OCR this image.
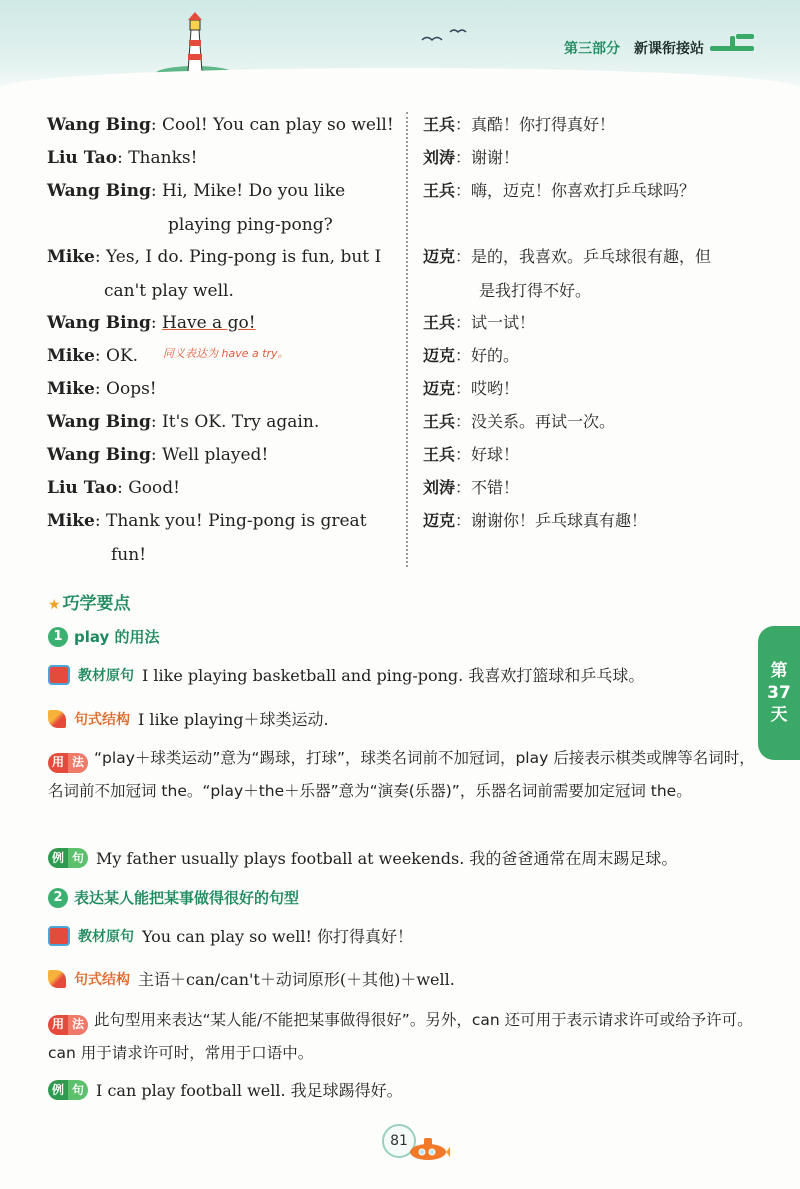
第三部分 新课衔接站
Wang Bing: Cool! You can play so well! 王兵：真酷！你打得真好！
Liu Tao: Thanks!	刘涛：谢谢！
Wang Bing: Hi, Mike! Do you like
playing ping-pong?
王兵：嗨，迈克！你喜欢打乒乓球吗？
Mike: Yes, I do. Ping-pong is fun, but I
can't play well.
迈克：是的，我喜欢。乒乓球很有趣，但
是我打得不好。
Wang Bing: Have a go!	王兵：试一试！
Mike: OK.	迈克：好的。
Mike: Oops!	迈克：哎哟！
Wang Bing: It's OK. Try again.	王兵：没关系。再试一次。
Wang Bing: Well played!	王兵：好球！
Liu Tao: Good!	刘涛：不错！
Mike: Thank you! Ping-pong is great
fun!
迈克：谢谢你！乒乓球真有趣！
同义表达为 have a try。
★ 巧学要点
1 play 的用法
教材原句 I like playing basketball and ping-pong. 我喜欢打篮球和乒乓球。
句式结构 I like playing＋球类运动.
用 法 “play＋球类运动”意为“踢球，打球”，球类名词前不加冠词，play 后接表示棋类或牌等名词时，名词前不加冠词 the。“play＋the＋乐器”意为“演奏(乐器)”，乐器名词前需要加定冠词 the。
例 句 My father usually plays football at weekends. 我的爸爸通常在周末踢足球。
2 表达某人能把某事做得很好的句型
教材原句 You can play so well! 你打得真好！
句式结构 主语＋can/can't＋动词原形(＋其他)＋well.
用 法 此句型用来表达“某人能/不能把某事做得很好”。另外，can 还可用于表示请求许可或给予许可。can 用于请求许可时，常用于口语中。
例 句 I can play football well. 我足球踢得好。
第
37
天
81
